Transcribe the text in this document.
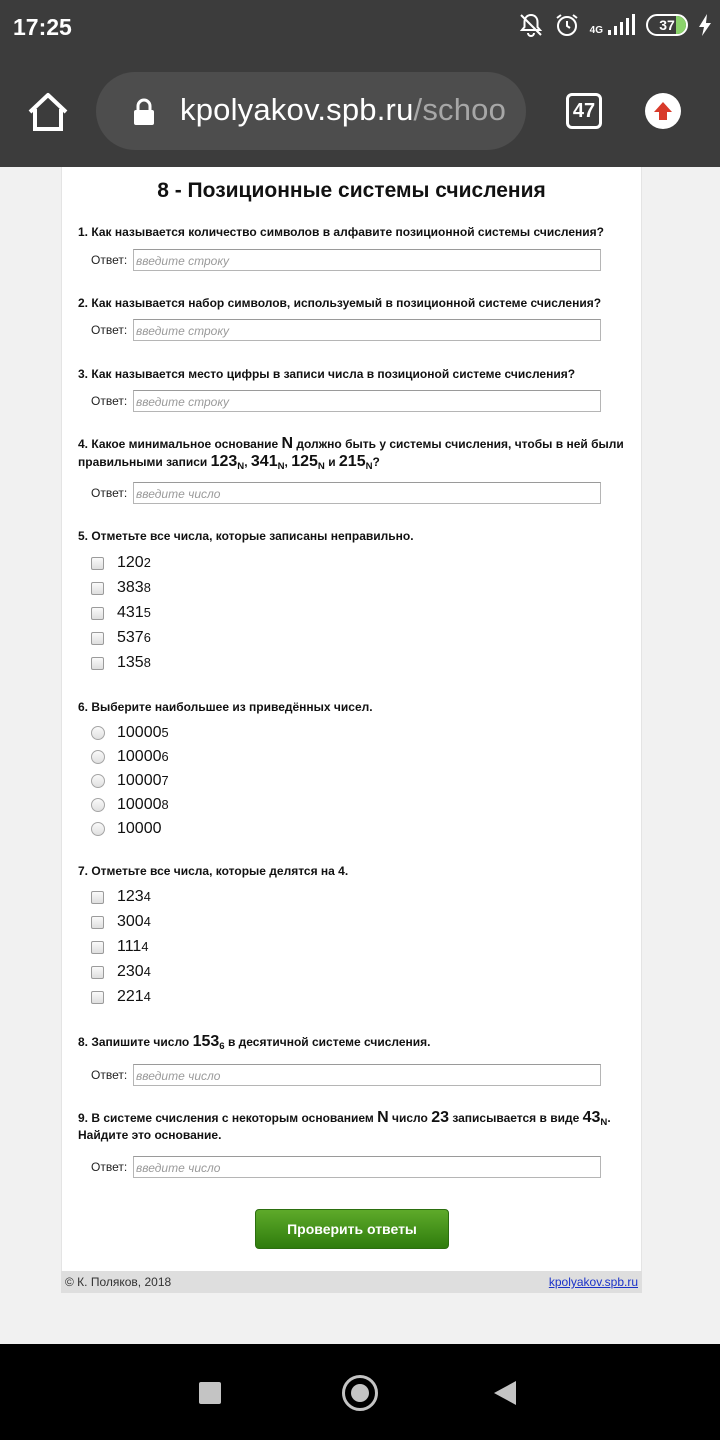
17:25	4G	37
kpolyakov.spb.ru/schoo	47
8 - Позиционные системы счисления
1. Как называется количество символов в алфавите позиционной системы счисления?
Ответ: введите строку
2. Как называется набор символов, используемый в позиционной системе счисления?
Ответ: введите строку
3. Как называется место цифры в записи числа в позиционой системе счисления?
Ответ: введите строку
4. Какое минимальное основание N должно быть у системы счисления, чтобы в ней были правильными записи $123_N$, $341_N$, $125_N$ и $215_N$?
Ответ: введите число
5. Отметьте все числа, которые записаны неправильно.
120 2
383 8
431 5
537 6
135 8
6. Выберите наибольшее из приведённых чисел.
10000 5
10000 6
10000 7
10000 8
10000
7. Отметьте все числа, которые делятся на 4.
123 4
300 4
111 4
230 4
221 4
8. Запишите число $153_6$ в десятичной системе счисления.
Ответ: введите число
9. В системе счисления с некоторым основанием N число 23 записывается в виде $43_N$. Найдите это основание.
Ответ: введите число
Проверить ответы
© К. Поляков, 2018	kpolyakov.spb.ru
